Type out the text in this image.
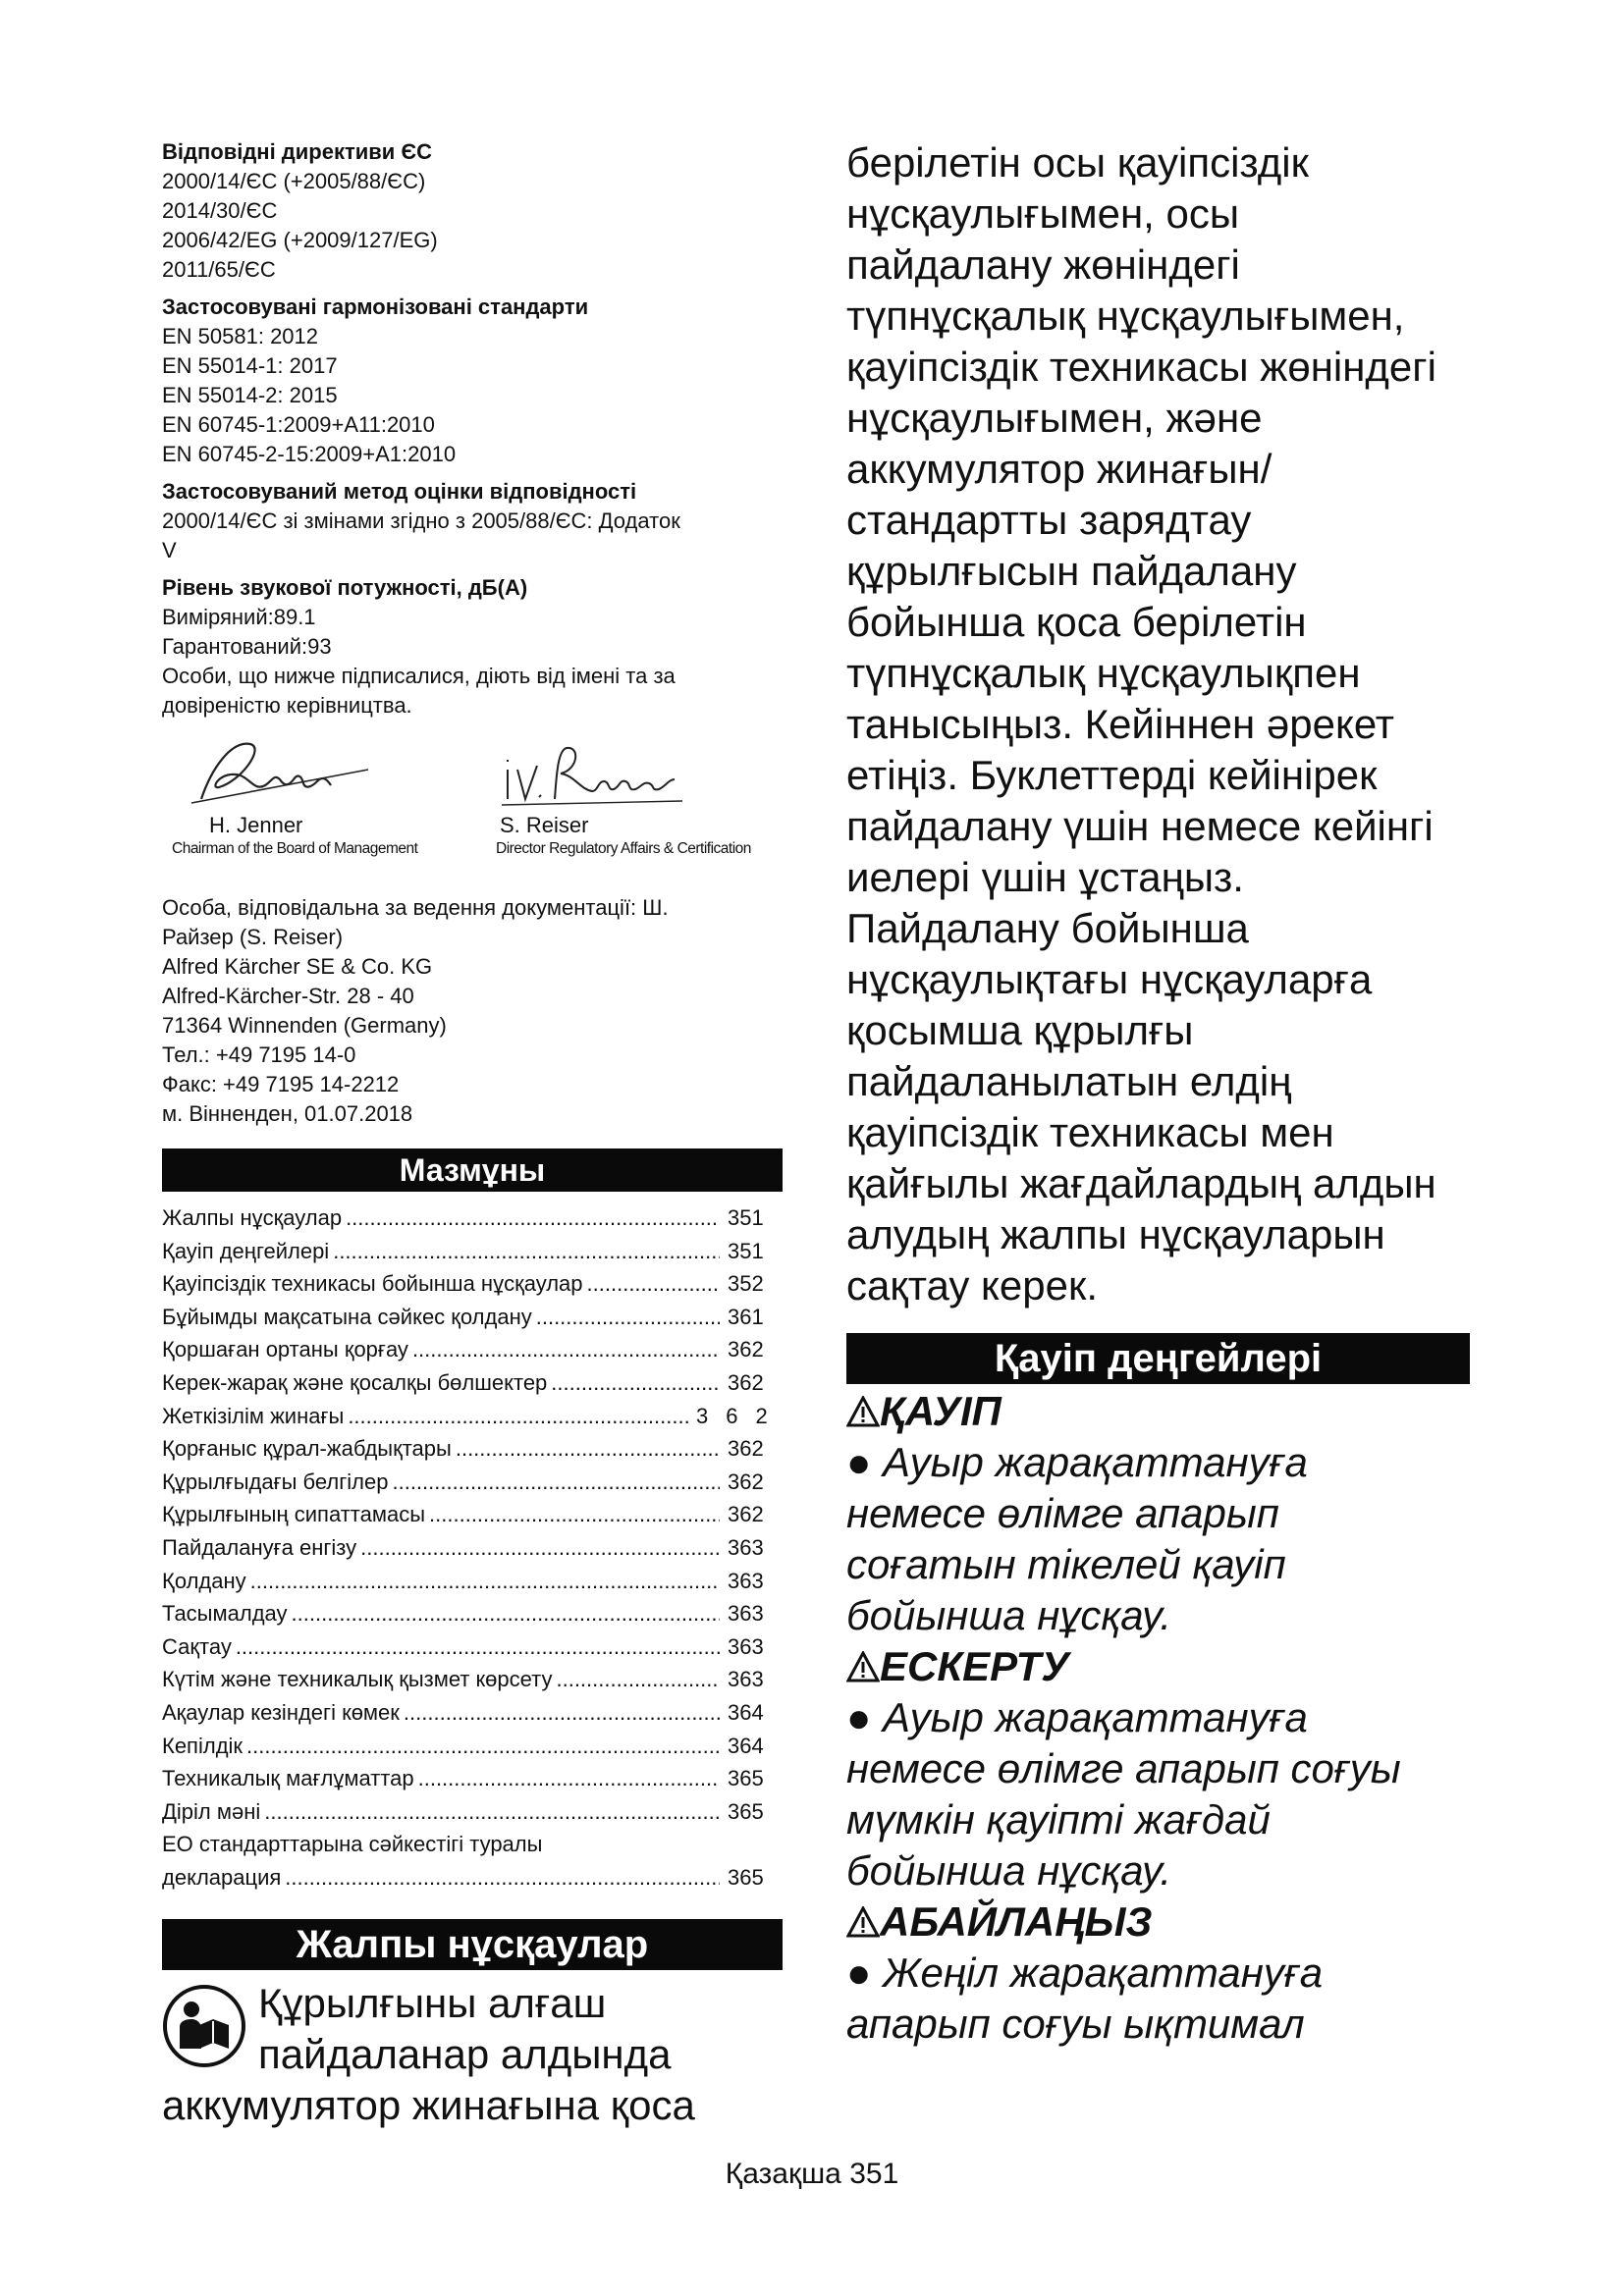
Відповідні директиви ЄС
2000/14/ЄС (+2005/88/ЄС)
2014/30/ЄС
2006/42/EG (+2009/127/EG)
2011/65/ЄС
Застосовувані гармонізовані стандарти
EN 50581: 2012
EN 55014-1: 2017
EN 55014-2: 2015
EN 60745-1:2009+A11:2010
EN 60745-2-15:2009+A1:2010
Застосовуваний метод оцінки відповідності
2000/14/ЄС зі змінами згідно з 2005/88/ЄС: Додаток
V
Рівень звукової потужності, дБ(А)
Виміряний:89.1
Гарантований:93
Особи, що нижче підписалися, діють від імені та за
довіреністю керівництва.
H. Jenner
Chairman of the Board of Management
S. Reiser
Director Regulatory Affairs & Certification
Особа, відповідальна за ведення документації: Ш.
Райзер (S. Reiser)
Alfred Kärcher SE & Co. KG
Alfred-Kärcher-Str. 28 - 40
71364 Winnenden (Germany)
Тел.: +49 7195 14-0
Факс: +49 7195 14-2212
м. Вінненден, 01.07.2018
Мазмұны
Жалпы нұсқаулар .....	351
Қауіп деңгейлері .....	351
Қауіпсіздік техникасы бойынша нұсқаулар .....	352
Бұйымды мақсатына сәйкес қолдану .....	361
Қоршаған ортаны қорғау .....	362
Керек-жарақ және қосалқы бөлшектер .....	362
Жеткізілім жинағы .....	362
Қорғаныс құрал-жабдықтары .....	362
Құрылғыдағы белгілер .....	362
Құрылғының сипаттамасы .....	362
Пайдалануға енгізу .....	363
Қолдану .....	363
Тасымалдау .....	363
Сақтау .....	363
Күтім және техникалық қызмет көрсету .....	363
Ақаулар кезіндегі көмек .....	364
Кепілдік .....	364
Техникалық мағлұматтар .....	365
Діріл мәні .....	365
ЕО стандарттарына сәйкестігі туралы
декларация .....	365
Жалпы нұсқаулар
Құрылғыны алғаш
пайдаланар алдында
аккумулятор жинағына қоса
берілетін осы қауіпсіздік
нұсқаулығымен, осы
пайдалану жөніндегі
түпнұсқалық нұсқаулығымен,
қауіпсіздік техникасы жөніндегі
нұсқаулығымен, және
аккумулятор жинағын/
стандартты зарядтау
құрылғысын пайдалану
бойынша қоса берілетін
түпнұсқалық нұсқаулықпен
танысыңыз. Кейіннен әрекет
етіңіз. Буклеттерді кейінірек
пайдалану үшін немесе кейінгі
иелері үшін ұстаңыз.
Пайдалану бойынша
нұсқаулықтағы нұсқауларға
қосымша құрылғы
пайдаланылатын елдің
қауіпсіздік техникасы мен
қайғылы жағдайлардың алдын
алудың жалпы нұсқауларын
сақтау керек.
Қауіп деңгейлері
ҚАУІП
● Ауыр жарақаттануға
немесе өлімге апарып
соғатын тікелей қауіп
бойынша нұсқау.
ЕСКЕРТУ
● Ауыр жарақаттануға
немесе өлімге апарып соғуы
мүмкін қауіпті жағдай
бойынша нұсқау.
АБАЙЛАҢЫЗ
● Жеңіл жарақаттануға
апарып соғуы ықтимал
Қазақша 351
